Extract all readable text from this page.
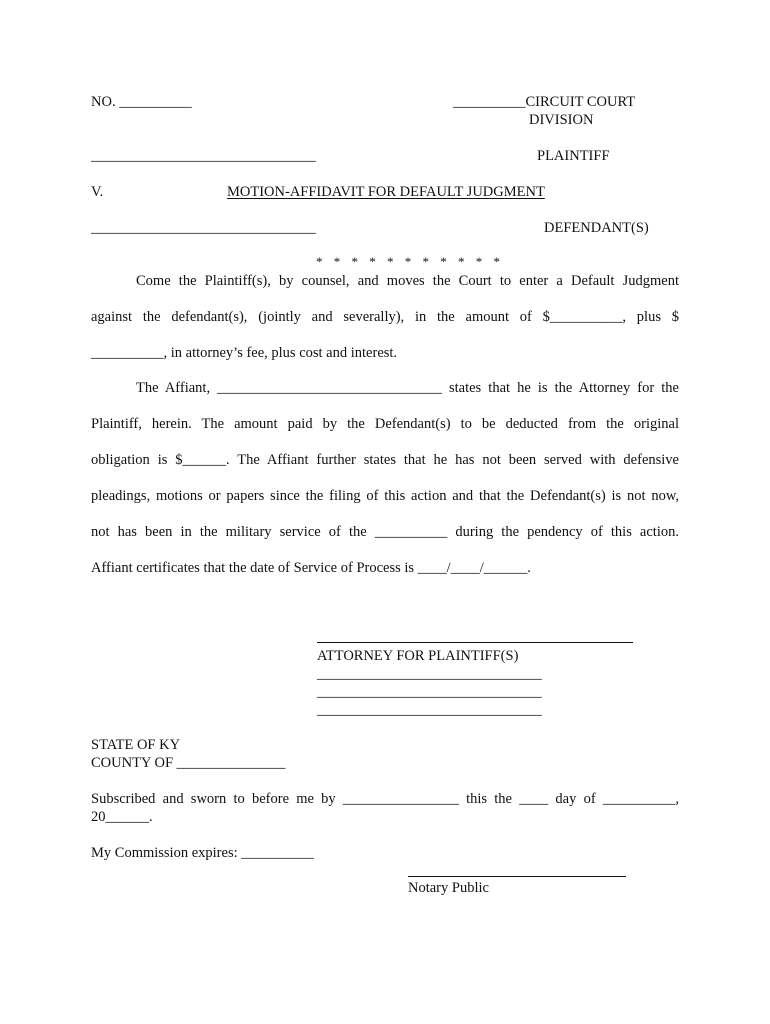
NO. __________	__________CIRCUIT COURT
DIVISION
_______________________________	PLAINTIFF
V.	MOTION-AFFIDAVIT FOR DEFAULT JUDGMENT
_______________________________	DEFENDANT(S)
* * * * * * * * * * *
Come the Plaintiff(s), by counsel, and moves the Court to enter a Default Judgment
against the defendant(s), (jointly and severally), in the amount of $__________, plus $
__________, in attorney’s fee, plus cost and interest.
The Affiant, _______________________________ states that he is the Attorney for the
Plaintiff, herein. The amount paid by the Defendant(s) to be deducted from the original
obligation is $______. The Affiant further states that he has not been served with defensive
pleadings, motions or papers since the filing of this action and that the Defendant(s) is not now,
not has been in the military service of the __________ during the pendency of this action.
Affiant certificates that the date of Service of Process is ____/____/______.
ATTORNEY FOR PLAINTIFF(S)
_______________________________
_______________________________
_______________________________
STATE OF KY
COUNTY OF _______________
Subscribed and sworn to before me by ________________ this the ____ day of __________,
20______.
My Commission expires: __________
Notary Public
